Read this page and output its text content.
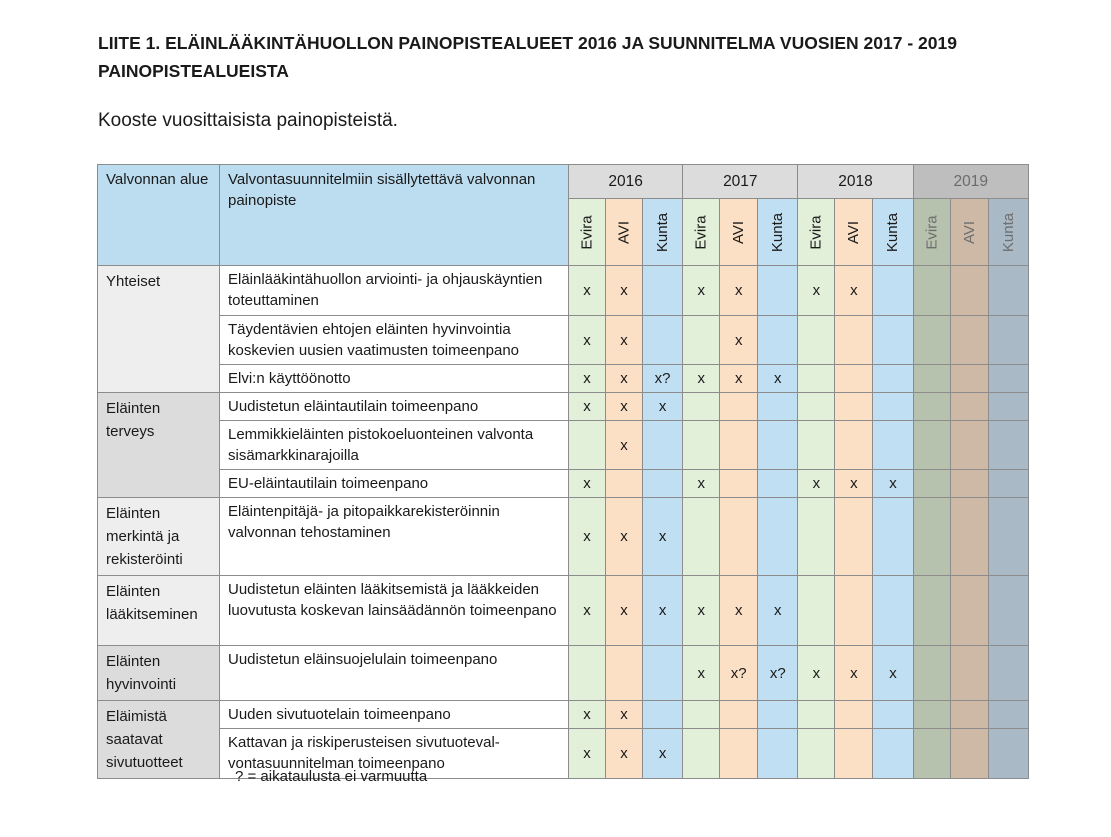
LIITE 1. ELÄINLÄÄKINTÄHUOLLON PAINOPISTEALUEET 2016 JA SUUNNITELMA VUOSIEN 2017 - 2019 PAINOPISTEALUEISTA

Kooste vuosittaisista painopisteistä.

Valvonnan alue	Valvontasuunnitelmiin sisällytettävä valvonnan painopiste	2016			2017			2018			2019		

		Evira	AVI	Kunta	Evira	AVI	Kunta	Evira	AVI	Kunta	Evira	AVI	Kunta

Yhteiset	Eläinlääkintähuollon arviointi- ja ohjauskäyntien toteuttaminen	x	x		x	x		x	x				
	Täydentävien ehtojen eläinten hyvinvointia koskevien uusien vaatimusten toimeenpano	x	x			x							
	Elvi:n käyttöönotto	x	x	x?	x	x	x						
Eläinten terveys	Uudistetun eläintautilain toimeenpano	x	x	x									
	Lemmikkieläinten pistokoeluonteinen valvonta sisämarkkinarajoilla		x										
	EU-eläintautilain toimeenpano	x			x			x	x	x			
Eläinten merkintä ja rekisteröinti	Eläintenpitäjä- ja pitopaikkarekisteröinnin valvonnan tehostaminen	x	x	x									
Eläinten lääkitseminen	Uudistetun eläinten lääkitsemistä ja lääkkeiden luovutusta koskevan lainsäädännön toimeenpano	x	x	x	x	x	x						
Eläinten hyvinvointi	Uudistetun eläinsuojelulain toimeenpano				x	x?	x?	x	x	x			
Eläimistä saatavat sivutuotteet	Uuden sivutuotelain toimeenpano	x	x										
	Kattavan ja riskiperusteisen sivutuoteval-vontasuunnitelman toimeenpano	x	x	x									

? = aikataulusta ei varmuutta
